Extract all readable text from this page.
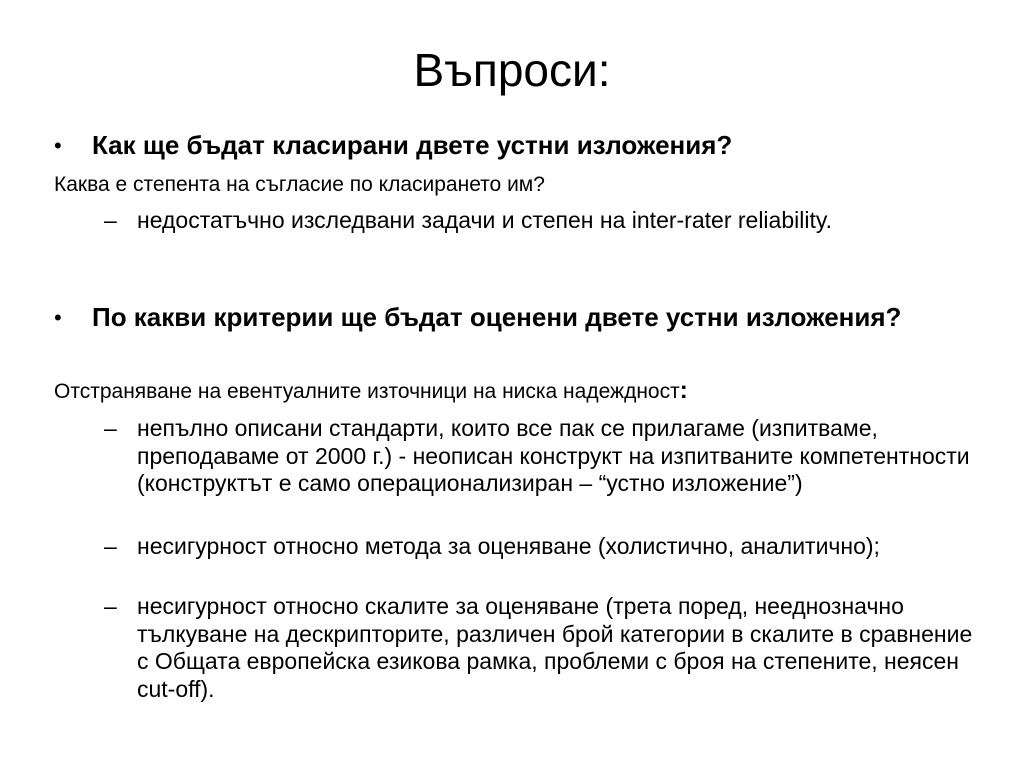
Въпроси:
• Как ще бъдат класирани двете устни изложения?
Каква е степента на съгласие по класирането им?
– недостатъчно изследвани задачи и степен на inter-rater reliability.
• По какви критерии ще бъдат оценени двете устни изложения?
Отстраняване на евентуалните източници на ниска надеждност:
– непълно описани стандарти, които все пак се прилагаме (изпитваме, преподаваме от 2000 г.) - неописан конструкт на изпитваните компетентности (конструктът е само операционализиран – “устно изложение”)
– несигурност относно метода за оценяване (холистично, аналитично);
– несигурност относно скалите за оценяване (трета поред, нееднозначно тълкуване на дескрипторите, различен брой категории в скалите в сравнение с Общата европейска езикова рамка, проблеми с броя на степените, неясен cut-off).
